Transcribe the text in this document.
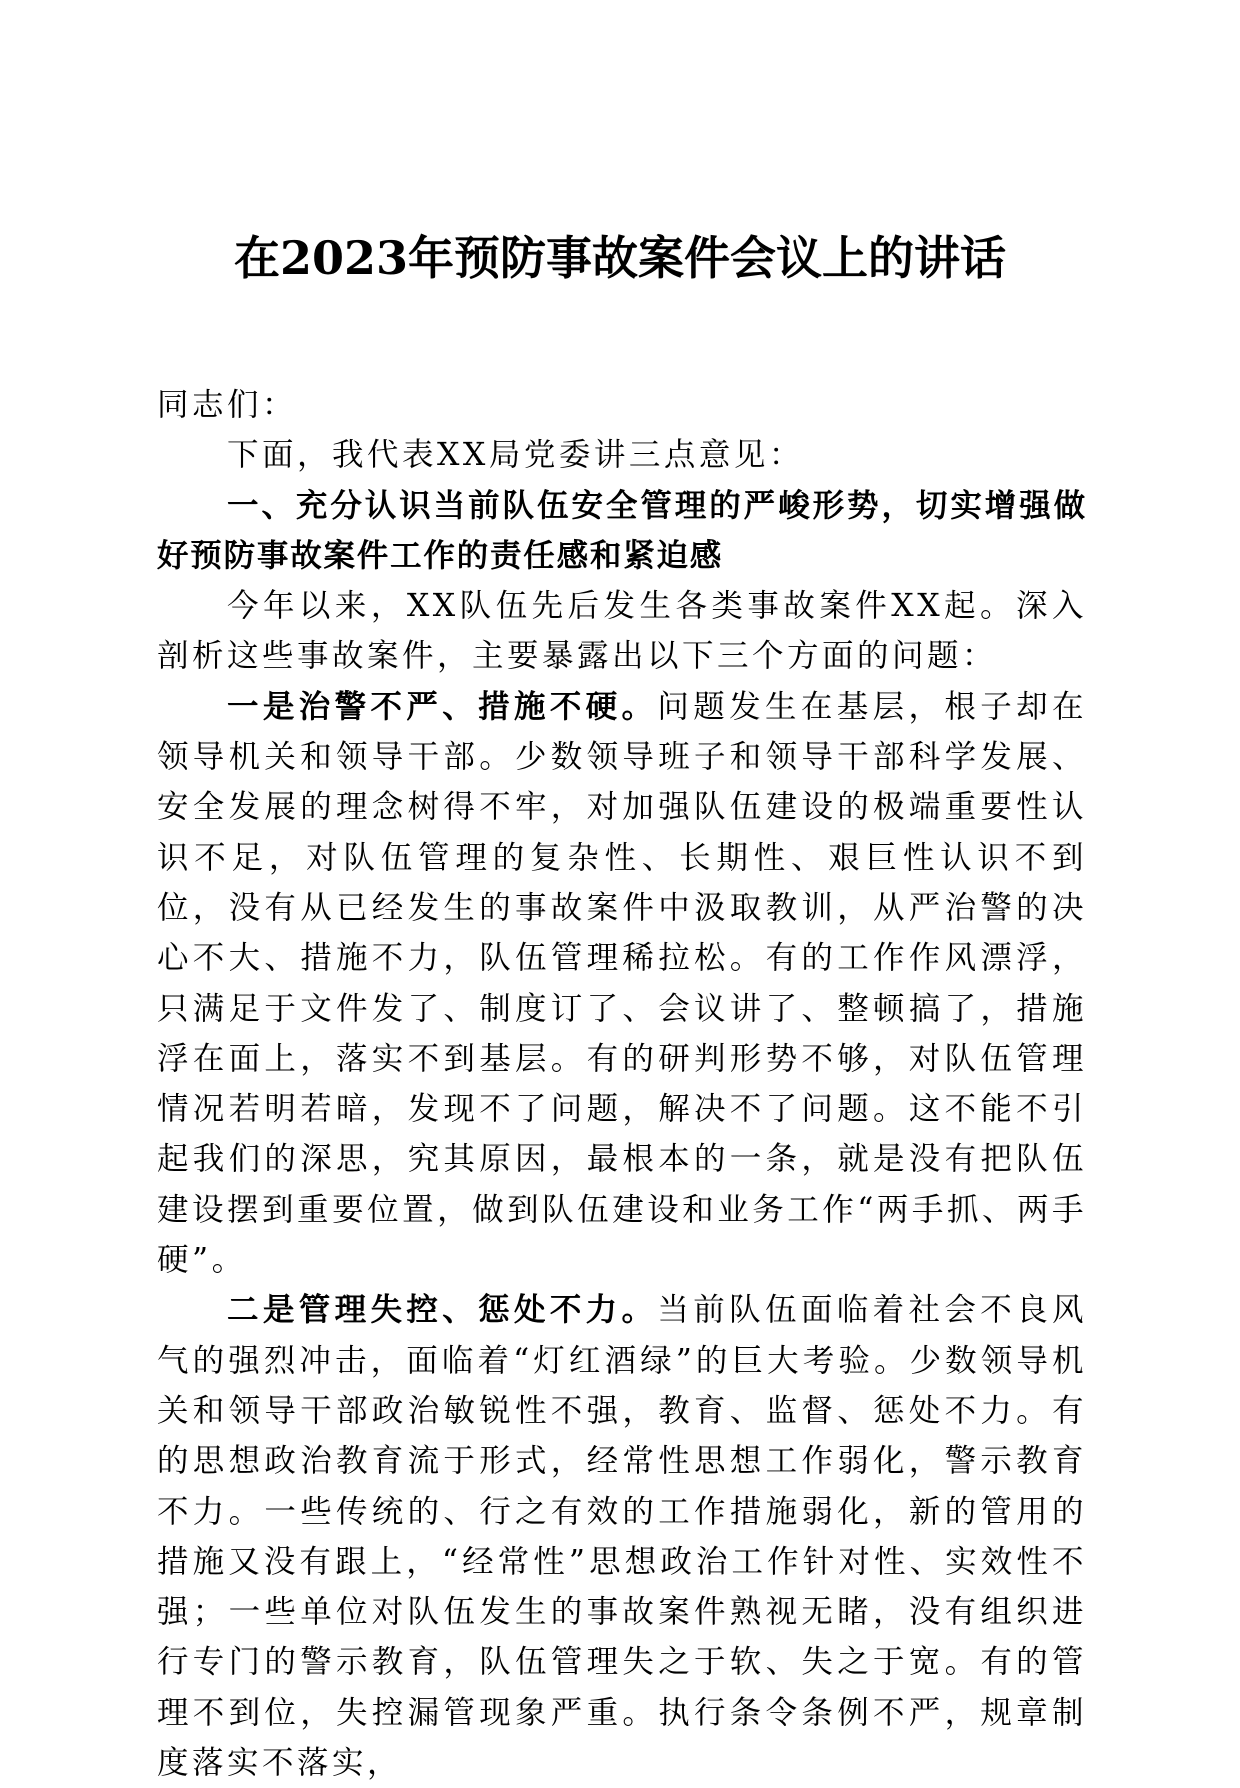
在2023年预防事故案件会议上的讲话

同志们：

下面，我代表XX局党委讲三点意见：

一、充分认识当前队伍安全管理的严峻形势，切实增强做好预防事故案件工作的责任感和紧迫感

今年以来，XX队伍先后发生各类事故案件XX起。深入剖析这些事故案件，主要暴露出以下三个方面的问题：

一是治警不严、措施不硬。问题发生在基层，根子却在领导机关和领导干部。少数领导班子和领导干部科学发展、安全发展的理念树得不牢，对加强队伍建设的极端重要性认识不足，对队伍管理的复杂性、长期性、艰巨性认识不到位，没有从已经发生的事故案件中汲取教训，从严治警的决心不大、措施不力，队伍管理稀拉松。有的工作作风漂浮，只满足于文件发了、制度订了、会议讲了、整顿搞了，措施浮在面上，落实不到基层。有的研判形势不够，对队伍管理情况若明若暗，发现不了问题，解决不了问题。这不能不引起我们的深思，究其原因，最根本的一条，就是没有把队伍建设摆到重要位置，做到队伍建设和业务工作“两手抓、两手硬”。

二是管理失控、惩处不力。当前队伍面临着社会不良风气的强烈冲击，面临着“灯红酒绿”的巨大考验。少数领导机关和领导干部政治敏锐性不强，教育、监督、惩处不力。有的思想政治教育流于形式，经常性思想工作弱化，警示教育不力。一些传统的、行之有效的工作措施弱化，新的管用的措施又没有跟上，“经常性”思想政治工作针对性、实效性不强；一些单位对队伍发生的事故案件熟视无睹，没有组织进行专门的警示教育，队伍管理失之于软、失之于宽。有的管理不到位，失控漏管现象严重。执行条令条例不严，规章制度落实不落实，
